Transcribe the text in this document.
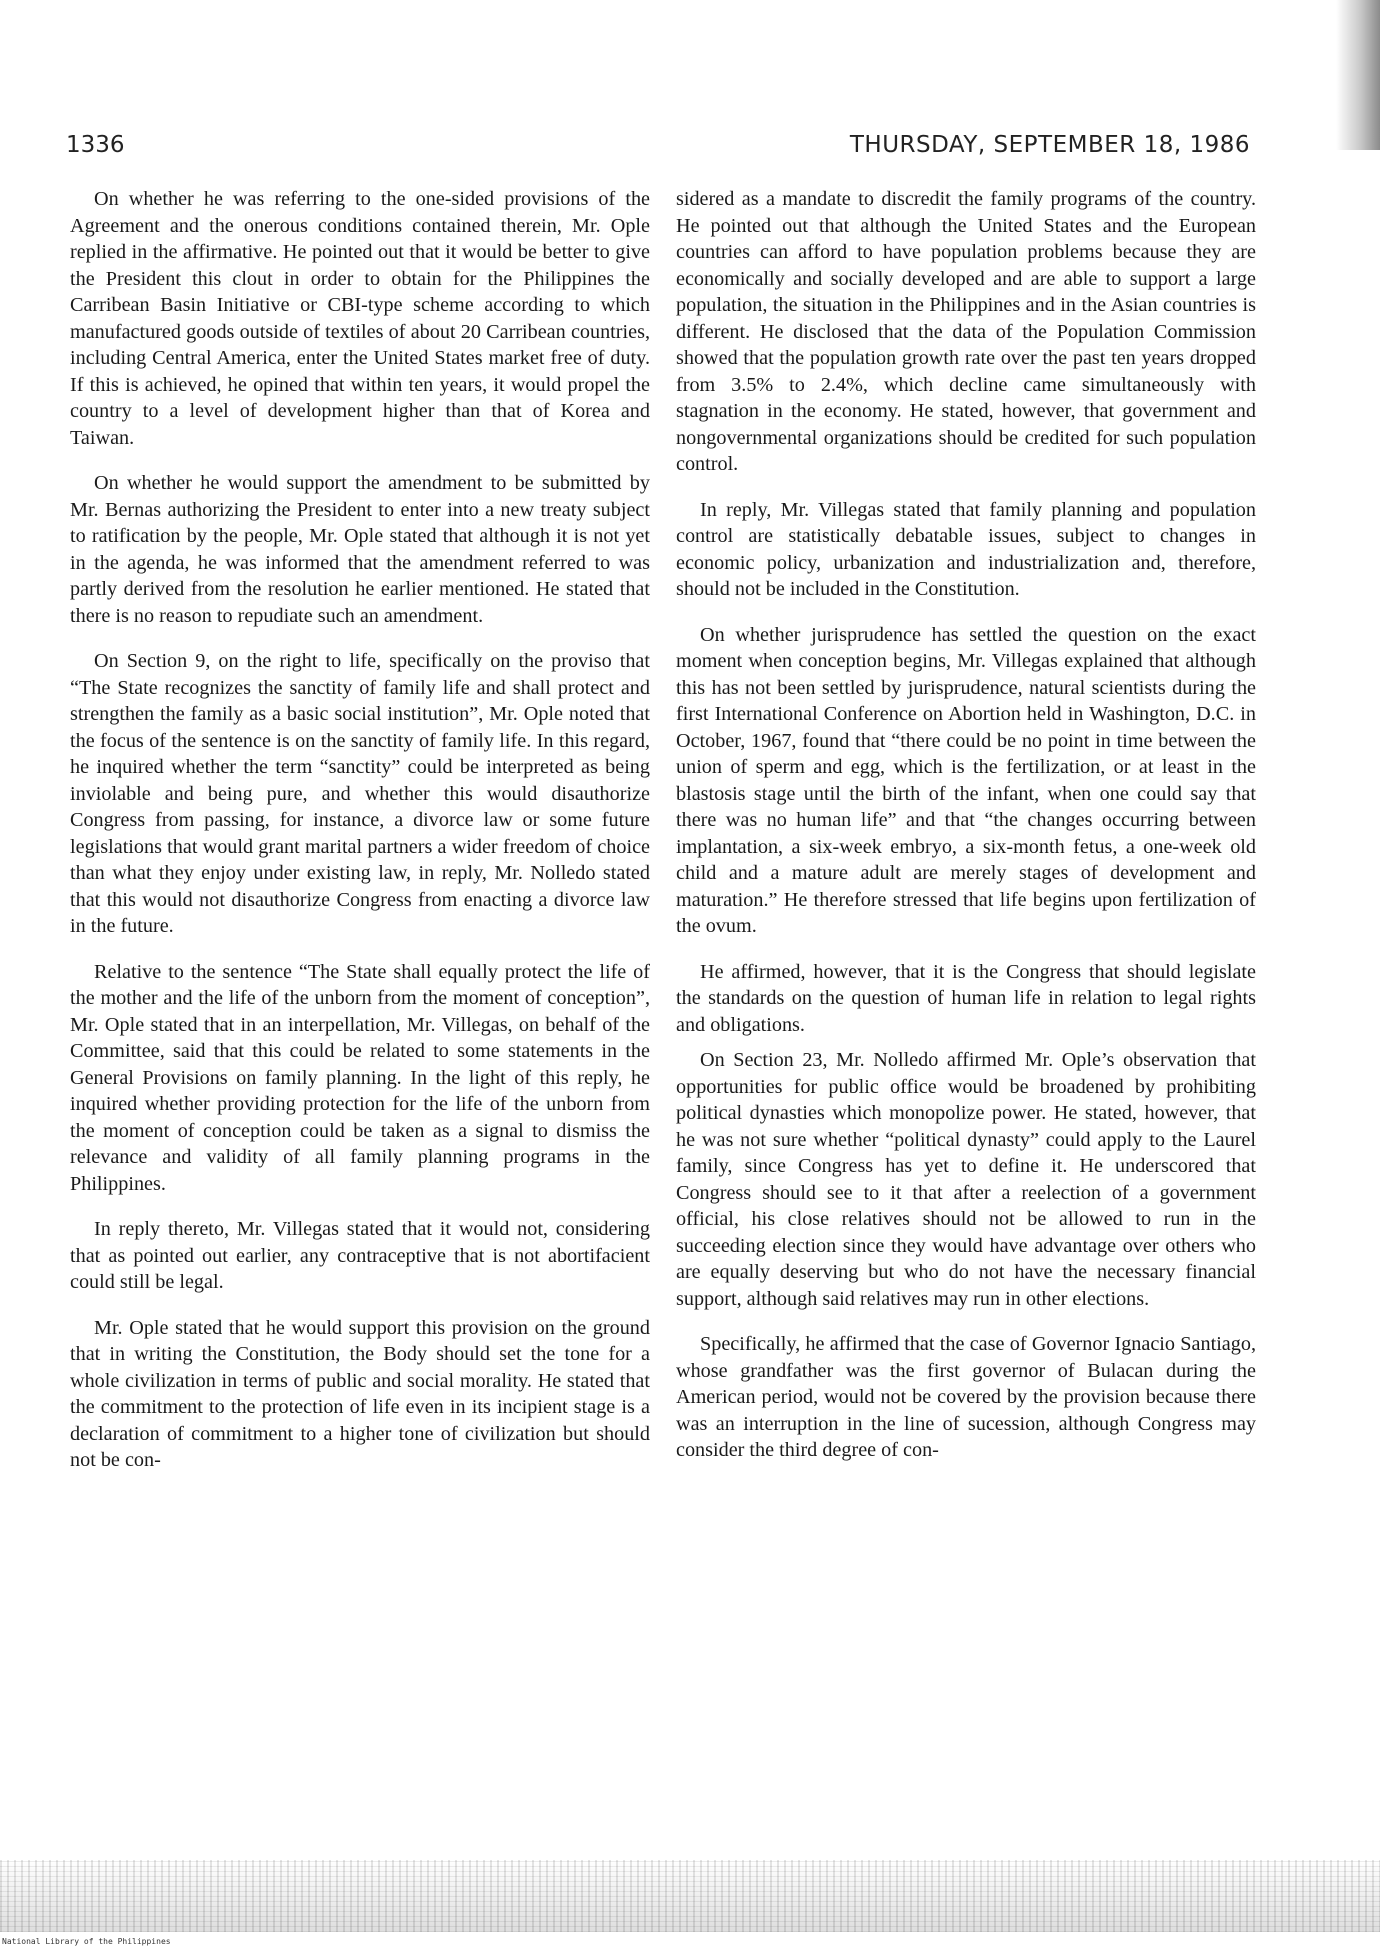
1336	THURSDAY, SEPTEMBER 18, 1986

On whether he was referring to the one-sided provisions of the Agreement and the onerous conditions contained therein, Mr. Ople replied in the affirmative. He pointed out that it would be better to give the President this clout in order to obtain for the Philippines the Carribean Basin Initiative or CBI-type scheme according to which manufactured goods outside of textiles of about 20 Carribean countries, including Central America, enter the United States market free of duty. If this is achieved, he opined that within ten years, it would propel the country to a level of development higher than that of Korea and Taiwan.

On whether he would support the amendment to be submitted by Mr. Bernas authorizing the President to enter into a new treaty subject to ratification by the people, Mr. Ople stated that although it is not yet in the agenda, he was informed that the amendment referred to was partly derived from the resolution he earlier mentioned. He stated that there is no reason to repudiate such an amendment.

On Section 9, on the right to life, specifically on the proviso that “The State recognizes the sanctity of family life and shall protect and strengthen the family as a basic social institution”, Mr. Ople noted that the focus of the sentence is on the sanctity of family life. In this regard, he inquired whether the term “sanctity” could be interpreted as being inviolable and being pure, and whether this would disauthorize Congress from passing, for instance, a divorce law or some future legislations that would grant marital partners a wider freedom of choice than what they enjoy under existing law, in reply, Mr. Nolledo stated that this would not disauthorize Congress from enacting a divorce law in the future.

Relative to the sentence “The State shall equally protect the life of the mother and the life of the unborn from the moment of conception”, Mr. Ople stated that in an interpellation, Mr. Villegas, on behalf of the Committee, said that this could be related to some statements in the General Provisions on family planning. In the light of this reply, he inquired whether providing protection for the life of the unborn from the moment of conception could be taken as a signal to dismiss the relevance and validity of all family planning programs in the Philippines.

In reply thereto, Mr. Villegas stated that it would not, considering that as pointed out earlier, any contraceptive that is not abortifacient could still be legal.

Mr. Ople stated that he would support this provision on the ground that in writing the Constitution, the Body should set the tone for a whole civilization in terms of public and social morality. He stated that the commitment to the protection of life even in its incipient stage is a declaration of commitment to a higher tone of civilization but should not be con-

sidered as a mandate to discredit the family programs of the country. He pointed out that although the United States and the European countries can afford to have population problems because they are economically and socially developed and are able to support a large population, the situation in the Philippines and in the Asian countries is different. He disclosed that the data of the Population Commission showed that the population growth rate over the past ten years dropped from 3.5% to 2.4%, which decline came simultaneously with stagnation in the economy. He stated, however, that government and nongovernmental organizations should be credited for such population control.

In reply, Mr. Villegas stated that family planning and population control are statistically debatable issues, subject to changes in economic policy, urbanization and industrialization and, therefore, should not be included in the Constitution.

On whether jurisprudence has settled the question on the exact moment when conception begins, Mr. Villegas explained that although this has not been settled by jurisprudence, natural scientists during the first International Conference on Abortion held in Washington, D.C. in October, 1967, found that “there could be no point in time between the union of sperm and egg, which is the fertilization, or at least in the blastosis stage until the birth of the infant, when one could say that there was no human life” and that “the changes occurring between implantation, a six-week embryo, a six-month fetus, a one-week old child and a mature adult are merely stages of development and maturation.” He therefore stressed that life begins upon fertilization of the ovum.

He affirmed, however, that it is the Congress that should legislate the standards on the question of human life in relation to legal rights and obligations.

On Section 23, Mr. Nolledo affirmed Mr. Ople’s observation that opportunities for public office would be broadened by prohibiting political dynasties which monopolize power. He stated, however, that he was not sure whether “political dynasty” could apply to the Laurel family, since Congress has yet to define it. He underscored that Congress should see to it that after a reelection of a government official, his close relatives should not be allowed to run in the succeeding election since they would have advantage over others who are equally deserving but who do not have the necessary financial support, although said relatives may run in other elections.

Specifically, he affirmed that the case of Governor Ignacio Santiago, whose grandfather was the first governor of Bulacan during the American period, would not be covered by the provision because there was an interruption in the line of sucession, although Congress may consider the third degree of con-

National Library of the Philippines
